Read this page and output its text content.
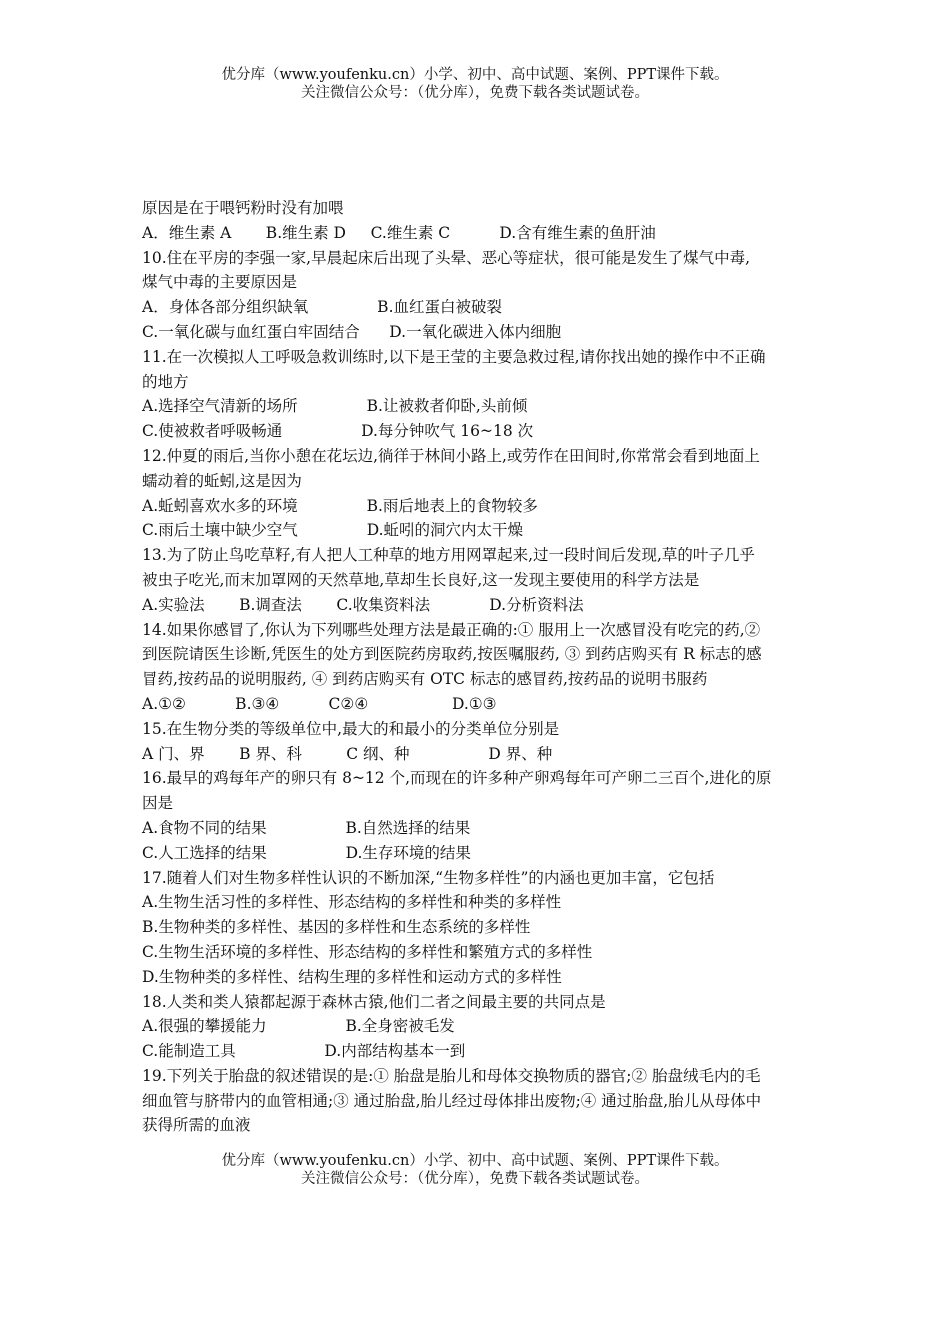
优分库（www.youfenku.cn）小学、初中、高中试题、案例、PPT课件下载。
关注微信公众号：（优分库），免费下载各类试题试卷。
原因是在于喂钙粉时没有加喂
A．维生素 A       B.维生素 D     C.维生素 C          D.含有维生素的鱼肝油
10.住在平房的李强一家,早晨起床后出现了头晕、恶心等症状，很可能是发生了煤气中毒,
煤气中毒的主要原因是
A．身体各部分组织缺氧              B.血红蛋白被破裂
C.一氧化碳与血红蛋白牢固结合      D.一氧化碳进入体内细胞
11.在一次模拟人工呼吸急救训练时,以下是王莹的主要急救过程,请你找出她的操作中不正确
的地方
A.选择空气清新的场所              B.让被救者仰卧,头前倾
C.使被救者呼吸畅通                D.每分钟吹气 16~18 次
12.仲夏的雨后,当你小憩在花坛边,徜徉于林间小路上,或劳作在田间时,你常常会看到地面上
蠕动着的蚯蚓,这是因为
A.蚯蚓喜欢水多的环境              B.雨后地表上的食物较多
C.雨后土壤中缺少空气              D.蚯吲的洞穴内太干燥
13.为了防止鸟吃草籽,有人把人工种草的地方用网罩起来,过一段时间后发现,草的叶子几乎
被虫子吃光,而末加罩网的天然草地,草却生长良好,这一发现主要使用的科学方法是
A.实验法       B.调查法       C.收集资料法            D.分析资料法
14.如果你感冒了,你认为下列哪些处理方法是最正确的:① 服用上一次感冒没有吃完的药,②
到医院请医生诊断,凭医生的处方到医院药房取药,按医嘱服药, ③ 到药店购买有 R 标志的感
冒药,按药品的说明服药, ④ 到药店购买有 OTC 标志的感冒药,按药品的说明书服药
A.①②          B.③④          C②④                 D.①③
15.在生物分类的等级单位中,最大的和最小的分类单位分别是
A 门、界       B 界、科         C 纲、种                D 界、种
16.最早的鸡每年产的卵只有 8~12 个,而现在的许多种产卵鸡每年可产卵二三百个,进化的原
因是
A.食物不同的结果                B.自然选择的结果
C.人工选择的结果                D.生存环境的结果
17.随着人们对生物多样性认识的不断加深,“生物多样性”的内涵也更加丰富，它包括
A.生物生活习性的多样性、形态结构的多样性和种类的多样性
B.生物种类的多样性、基因的多样性和生态系统的多样性
C.生物生活环境的多样性、形态结构的多样性和繁殖方式的多样性
D.生物种类的多样性、结构生理的多样性和运动方式的多样性
18.人类和类人猿都起源于森林古猿,他们二者之间最主要的共同点是
A.很强的攀援能力                B.全身密被毛发
C.能制造工具                  D.内部结构基本一到
19.下列关于胎盘的叙述错误的是:① 胎盘是胎儿和母体交换物质的器官;② 胎盘绒毛内的毛
细血管与脐带内的血管相通;③ 通过胎盘,胎儿经过母体排出废物;④ 通过胎盘,胎儿从母体中
获得所需的血液
优分库（www.youfenku.cn）小学、初中、高中试题、案例、PPT课件下载。
关注微信公众号：（优分库），免费下载各类试题试卷。
